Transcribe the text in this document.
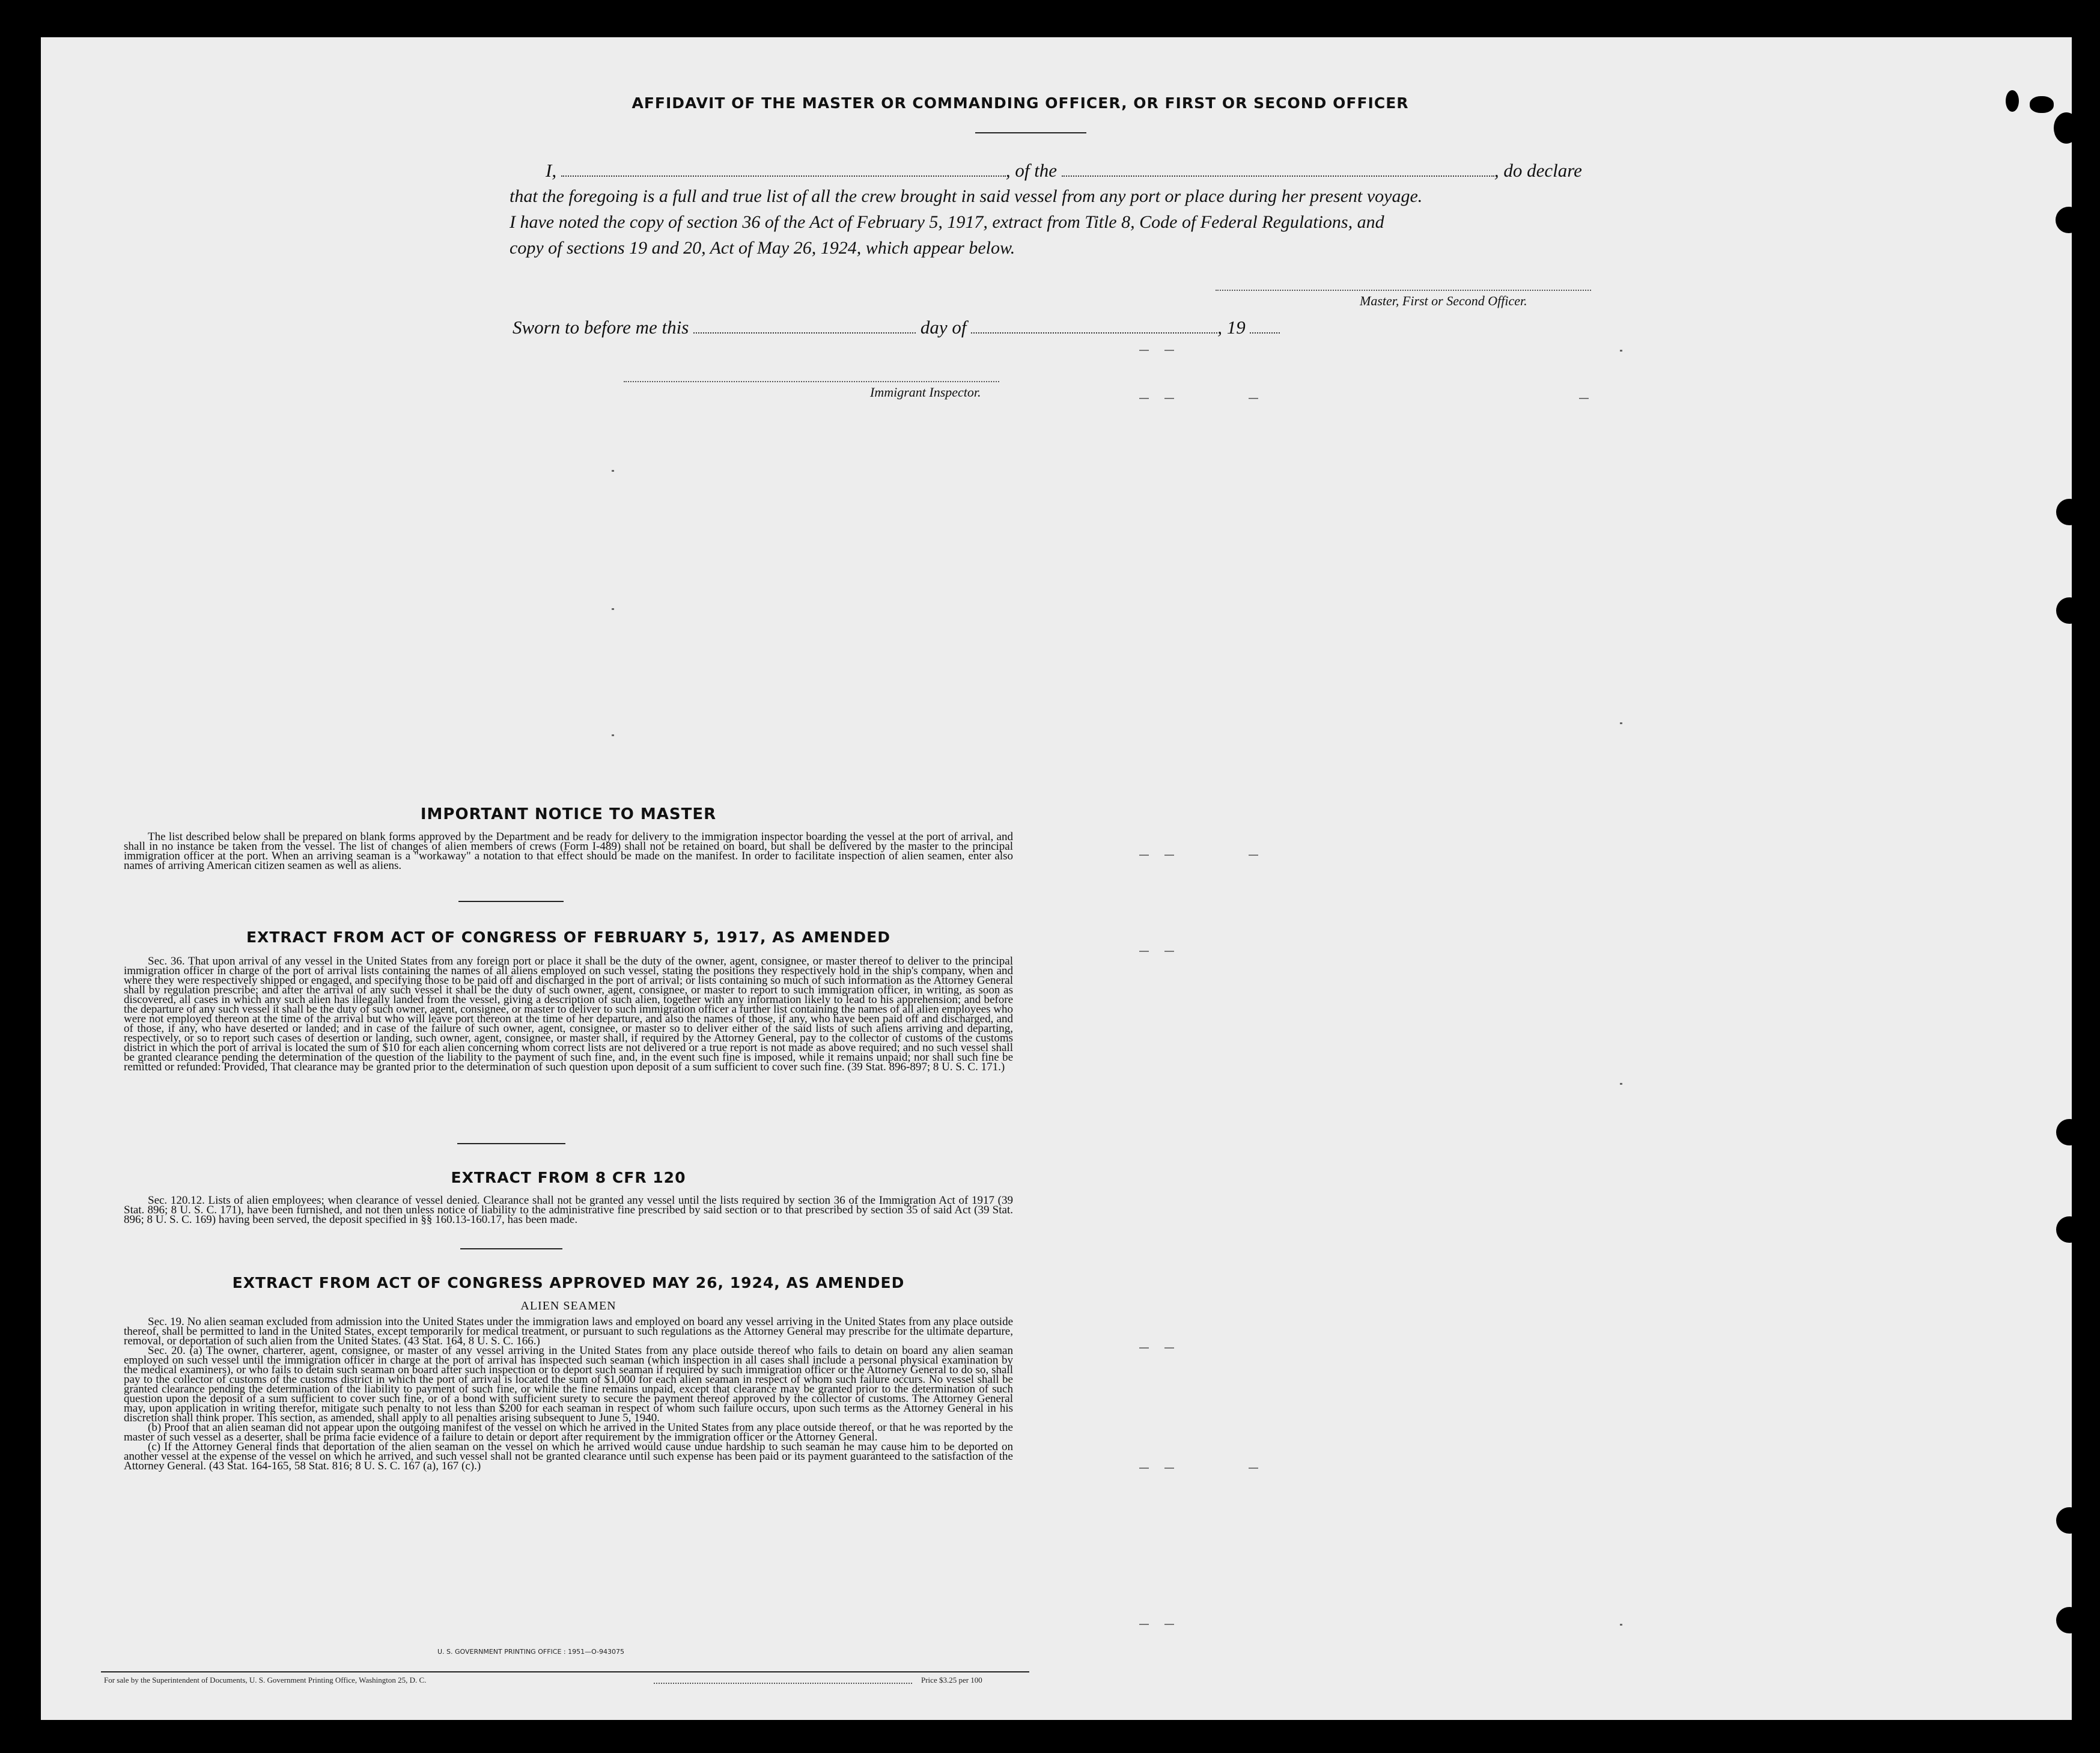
AFFIDAVIT OF THE MASTER OR COMMANDING OFFICER, OR FIRST OR SECOND OFFICER
I,	, of the	, do declare
that the foregoing is a full and true list of all the crew brought in said vessel from any port or place during her present voyage.
I have noted the copy of section 36 of the Act of February 5, 1917, extract from Title 8, Code of Federal Regulations, and
copy of sections 19 and 20, Act of May 26, 1924, which appear below.
Master, First or Second Officer.
Sworn to before me this	day of	, 19
Immigrant Inspector.
IMPORTANT NOTICE TO MASTER

The list described below shall be prepared on blank forms approved by the Department and be ready for delivery to the immigration inspector boarding the vessel at the port of arrival, and shall in no instance be taken from the vessel. The list of changes of alien members of crews (Form I-489) shall not be retained on board, but shall be delivered by the master to the principal immigration officer at the port. When an arriving seaman is a "workaway" a notation to that effect should be made on the manifest. In order to facilitate inspection of alien seamen, enter also names of arriving American citizen seamen as well as aliens.

EXTRACT FROM ACT OF CONGRESS OF FEBRUARY 5, 1917, AS AMENDED

Sec. 36. That upon arrival of any vessel in the United States from any foreign port or place it shall be the duty of the owner, agent, consignee, or master thereof to deliver to the principal immigration officer in charge of the port of arrival lists containing the names of all aliens employed on such vessel, stating the positions they respectively hold in the ship's company, when and where they were respectively shipped or engaged, and specifying those to be paid off and discharged in the port of arrival; or lists containing so much of such information as the Attorney General shall by regulation prescribe; and after the arrival of any such vessel it shall be the duty of such owner, agent, consignee, or master to report to such immigration officer, in writing, as soon as discovered, all cases in which any such alien has illegally landed from the vessel, giving a description of such alien, together with any information likely to lead to his apprehension; and before the departure of any such vessel it shall be the duty of such owner, agent, consignee, or master to deliver to such immigration officer a further list containing the names of all alien employees who were not employed thereon at the time of the arrival but who will leave port thereon at the time of her departure, and also the names of those, if any, who have been paid off and discharged, and of those, if any, who have deserted or landed; and in case of the failure of such owner, agent, consignee, or master so to deliver either of the said lists of such aliens arriving and departing, respectively, or so to report such cases of desertion or landing, such owner, agent, consignee, or master shall, if required by the Attorney General, pay to the collector of customs of the customs district in which the port of arrival is located the sum of $10 for each alien concerning whom correct lists are not delivered or a true report is not made as above required; and no such vessel shall be granted clearance pending the determination of the question of the liability to the payment of such fine, and, in the event such fine is imposed, while it remains unpaid; nor shall such fine be remitted or refunded: Provided, That clearance may be granted prior to the determination of such question upon deposit of a sum sufficient to cover such fine. (39 Stat. 896-897; 8 U. S. C. 171.)

EXTRACT FROM 8 CFR 120

Sec. 120.12. Lists of alien employees; when clearance of vessel denied. Clearance shall not be granted any vessel until the lists required by section 36 of the Immigration Act of 1917 (39 Stat. 896; 8 U. S. C. 171), have been furnished, and not then unless notice of liability to the administrative fine prescribed by said section or to that prescribed by section 35 of said Act (39 Stat. 896; 8 U. S. C. 169) having been served, the deposit specified in §§ 160.13-160.17, has been made.

EXTRACT FROM ACT OF CONGRESS APPROVED MAY 26, 1924, AS AMENDED
ALIEN SEAMEN

Sec. 19. No alien seaman excluded from admission into the United States under the immigration laws and employed on board any vessel arriving in the United States from any place outside thereof, shall be permitted to land in the United States, except temporarily for medical treatment, or pursuant to such regulations as the Attorney General may prescribe for the ultimate departure, removal, or deportation of such alien from the United States. (43 Stat. 164, 8 U. S. C. 166.)

Sec. 20. (a) The owner, charterer, agent, consignee, or master of any vessel arriving in the United States from any place outside thereof who fails to detain on board any alien seaman employed on such vessel until the immigration officer in charge at the port of arrival has inspected such seaman (which inspection in all cases shall include a personal physical examination by the medical examiners), or who fails to detain such seaman on board after such inspection or to deport such seaman if required by such immigration officer or the Attorney General to do so, shall pay to the collector of customs of the customs district in which the port of arrival is located the sum of $1,000 for each alien seaman in respect of whom such failure occurs. No vessel shall be granted clearance pending the determination of the liability to payment of such fine, or while the fine remains unpaid, except that clearance may be granted prior to the determination of such question upon the deposit of a sum sufficient to cover such fine, or of a bond with sufficient surety to secure the payment thereof approved by the collector of customs. The Attorney General may, upon application in writing therefor, mitigate such penalty to not less than $200 for each seaman in respect of whom such failure occurs, upon such terms as the Attorney General in his discretion shall think proper. This section, as amended, shall apply to all penalties arising subsequent to June 5, 1940.

(b) Proof that an alien seaman did not appear upon the outgoing manifest of the vessel on which he arrived in the United States from any place outside thereof, or that he was reported by the master of such vessel as a deserter, shall be prima facie evidence of a failure to detain or deport after requirement by the immigration officer or the Attorney General.

(c) If the Attorney General finds that deportation of the alien seaman on the vessel on which he arrived would cause undue hardship to such seaman he may cause him to be deported on another vessel at the expense of the vessel on which he arrived, and such vessel shall not be granted clearance until such expense has been paid or its payment guaranteed to the satisfaction of the Attorney General. (43 Stat. 164-165, 58 Stat. 816; 8 U. S. C. 167 (a), 167 (c).)

U. S. GOVERNMENT PRINTING OFFICE : 1951—O-943075
For sale by the Superintendent of Documents, U. S. Government Printing Office, Washington 25, D. C.	Price $3.25 per 100
